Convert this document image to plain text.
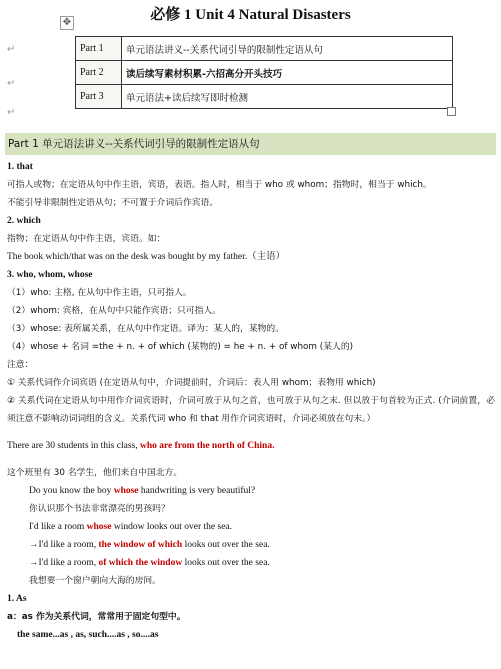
必修 1 Unit 4 Natural Disasters
✥
↵
↵
↵
Part 1	单元语法讲义--关系代词引导的限制性定语从句
Part 2	读后续写素材积累-六招高分开头技巧
Part 3	单元语法+读后续写即时检测
Part 1 单元语法讲义--关系代词引导的限制性定语从句
1. that
可指人或物；在定语从句中作主语，宾语，表语。指人时，相当于 who 或 whom；指物时，相当于 which。
不能引导非限制性定语从句；不可置于介词后作宾语。
2. which
指物；在定语从句中作主语，宾语。如：
The book which/that was on the desk was bought by my father.（主语）
3. who, whom, whose
（1）who: 主格, 在从句中作主语，只可指人。
（2）whom: 宾格，在从句中只能作宾语；只可指人。
（3）whose: 表所属关系，在从句中作定语。译为：某人的，某物的。
（4）whose + 名词 =the + n. + of which (某物的) = he + n. + of whom (某人的)
注意：
① 关系代词作介词宾语 (在定语从句中，介词提前时，介词后：表人用 whom；表物用 which)
② 关系代词在定语从句中用作介词宾语时，介词可放于从句之首，也可放于从句之末. 但以放于句首较为正式. (介词前置，必须注意不影响动词词组的含义。关系代词 who 和 that 用作介词宾语时，介词必须放在句末。）
There are 30 students in this class, who are from the north of China.
这个班里有 30 名学生，他们来自中国北方。
Do you know the boy whose handwriting is very beautiful?
你认识那个书法非常漂亮的男孩吗？
I'd like a room whose window looks out over the sea.
→I'd like a room, the window of which looks out over the sea.
→I'd like a room, of which the window looks out over the sea.
我想要一个窗户朝向大海的房间。
1. As
a：as 作为关系代词，常常用于固定句型中。
the same...as , as, such....as , so....as
